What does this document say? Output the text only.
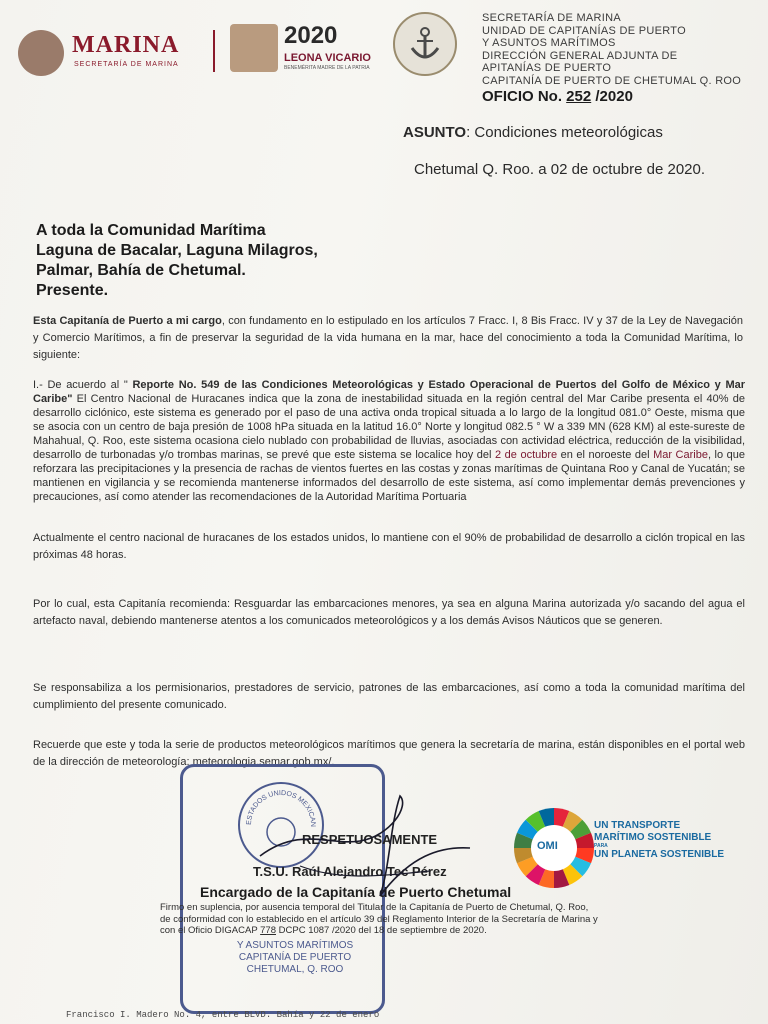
MARINA
SECRETARÍA DE MARINA
2020
LEONA VICARIO
BENEMÉRITA MADRE DE LA PATRIA
SECRETARÍA DE MARINA
UNIDAD DE CAPITANÍAS DE PUERTO
Y ASUNTOS MARÍTIMOS
DIRECCIÓN GENERAL ADJUNTA DE
APITANÍAS DE PUERTO
CAPITANÍA DE PUERTO DE CHETUMAL Q. ROO
OFICIO No. 252 /2020
ASUNTO: Condiciones meteorológicas
Chetumal Q. Roo. a 02 de octubre de 2020.
A toda la Comunidad Marítima
Laguna de Bacalar, Laguna Milagros,
Palmar, Bahía de Chetumal.
Presente.
Esta Capitanía de Puerto a mi cargo, con fundamento en lo estipulado en los artículos 7 Fracc. I, 8 Bis Fracc. IV y 37 de la Ley de Navegación y Comercio Marítimos, a fin de preservar la seguridad de la vida humana en la mar, hace del conocimiento a toda la Comunidad Marítima, lo siguiente:
I.- De acuerdo al " Reporte No. 549 de las Condiciones Meteorológicas y Estado Operacional de Puertos del Golfo de México y Mar Caribe" El Centro Nacional de Huracanes indica que la zona de inestabilidad situada en la región central del Mar Caribe presenta el 40% de desarrollo ciclónico, este sistema es generado por el paso de una activa onda tropical situada a lo largo de la longitud 081.0° Oeste, misma que se asocia con un centro de baja presión de 1008 hPa situada en la latitud 16.0° Norte y longitud 082.5 ° W a 339 MN (628 KM) al este-sureste de Mahahual, Q. Roo, este sistema ocasiona cielo nublado con probabilidad de lluvias, asociadas con actividad eléctrica, reducción de la visibilidad, desarrollo de turbonadas y/o trombas marinas, se prevé que este sistema se localice hoy del 2 de octubre en el noroeste del Mar Caribe, lo que reforzara las precipitaciones y la presencia de rachas de vientos fuertes en las costas y zonas marítimas de Quintana Roo y Canal de Yucatán; se mantienen en vigilancia y se recomienda mantenerse informados del desarrollo de este sistema, así como implementar demás prevenciones y precauciones, así como atender las recomendaciones de la Autoridad Marítima Portuaria
Actualmente el centro nacional de huracanes de los estados unidos, lo mantiene con el 90% de probabilidad de desarrollo a ciclón tropical en las próximas 48 horas.
Por lo cual, esta Capitanía recomienda: Resguardar las embarcaciones menores, ya sea en alguna Marina autorizada y/o sacando del agua el artefacto naval, debiendo mantenerse atentos a los comunicados meteorológicos y a los demás Avisos Náuticos que se generen.
Se responsabiliza a los permisionarios, prestadores de servicio, patrones de las embarcaciones, así como a toda la comunidad marítima del cumplimiento del presente comunicado.
Recuerde que este y toda la serie de productos meteorológicos marítimos que genera la secretaría de marina, están disponibles en el portal web de la dirección de meteorología: meteorologia.semar.gob.mx/.
ESTADOS UNIDOS MEXICAN
Y ASUNTOS MARÍTIMOS
CAPITANÍA DE PUERTO
CHETUMAL, Q. ROO
RESPETUOSAMENTE
T.S.U. Raúl Alejandro Tec Pérez
Encargado de la Capitanía de Puerto Chetumal
Firmo en suplencia, por ausencia temporal del Titular de la Capitanía de Puerto de Chetumal, Q. Roo, de conformidad con lo establecido en el artículo 39 del Reglamento Interior de la Secretaría de Marina y con el Oficio DIGACAP 778 DCPC 1087 /2020 del 18 de septiembre de 2020.
OMI
UN TRANSPORTE
MARÍTIMO SOSTENIBLE
PARA
UN PLANETA SOSTENIBLE
Francisco I. Madero No. 4, entre BLVD. Bahía y 22 de enero
